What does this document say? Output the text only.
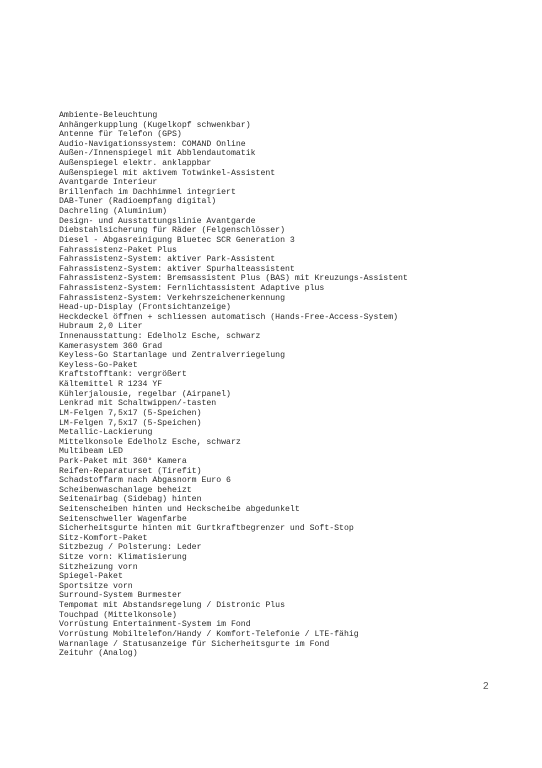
Ambiente-Beleuchtung
Anhängerkupplung (Kugelkopf schwenkbar)
Antenne für Telefon (GPS)
Audio-Navigationssystem: COMAND Online
Außen-/Innenspiegel mit Abblendautomatik
Außenspiegel elektr. anklappbar
Außenspiegel mit aktivem Totwinkel-Assistent
Avantgarde Interieur
Brillenfach im Dachhimmel integriert
DAB-Tuner (Radioempfang digital)
Dachreling (Aluminium)
Design- und Ausstattungslinie Avantgarde
Diebstahlsicherung für Räder (Felgenschlösser)
Diesel - Abgasreinigung Bluetec SCR Generation 3
Fahrassistenz-Paket Plus
Fahrassistenz-System: aktiver Park-Assistent
Fahrassistenz-System: aktiver Spurhalteassistent
Fahrassistenz-System: Bremsassistent Plus (BAS) mit Kreuzungs-Assistent
Fahrassistenz-System: Fernlichtassistent Adaptive plus
Fahrassistenz-System: Verkehrszeichenerkennung
Head-up-Display (Frontsichtanzeige)
Heckdeckel öffnen + schliessen automatisch (Hands-Free-Access-System)
Hubraum 2,0 Liter
Innenausstattung: Edelholz Esche, schwarz
Kamerasystem 360 Grad
Keyless-Go Startanlage und Zentralverriegelung
Keyless-Go-Paket
Kraftstofftank: vergrößert
Kältemittel R 1234 YF
Kühlerjalousie, regelbar (Airpanel)
Lenkrad mit Schaltwippen/-tasten
LM-Felgen 7,5x17 (5-Speichen)
LM-Felgen 7,5x17 (5-Speichen)
Metallic-Lackierung
Mittelkonsole Edelholz Esche, schwarz
Multibeam LED
Park-Paket mit 360° Kamera
Reifen-Reparaturset (Tirefit)
Schadstoffarm nach Abgasnorm Euro 6
Scheibenwaschanlage beheizt
Seitenairbag (Sidebag) hinten
Seitenscheiben hinten und Heckscheibe abgedunkelt
Seitenschweller Wagenfarbe
Sicherheitsgurte hinten mit Gurtkraftbegrenzer und Soft-Stop
Sitz-Komfort-Paket
Sitzbezug / Polsterung: Leder
Sitze vorn: Klimatisierung
Sitzheizung vorn
Spiegel-Paket
Sportsitze vorn
Surround-System Burmester
Tempomat mit Abstandsregelung / Distronic Plus
Touchpad (Mittelkonsole)
Vorrüstung Entertainment-System im Fond
Vorrüstung Mobiltelefon/Handy / Komfort-Telefonie / LTE-fähig
Warnanlage / Statusanzeige für Sicherheitsgurte im Fond
Zeituhr (Analog)
2
